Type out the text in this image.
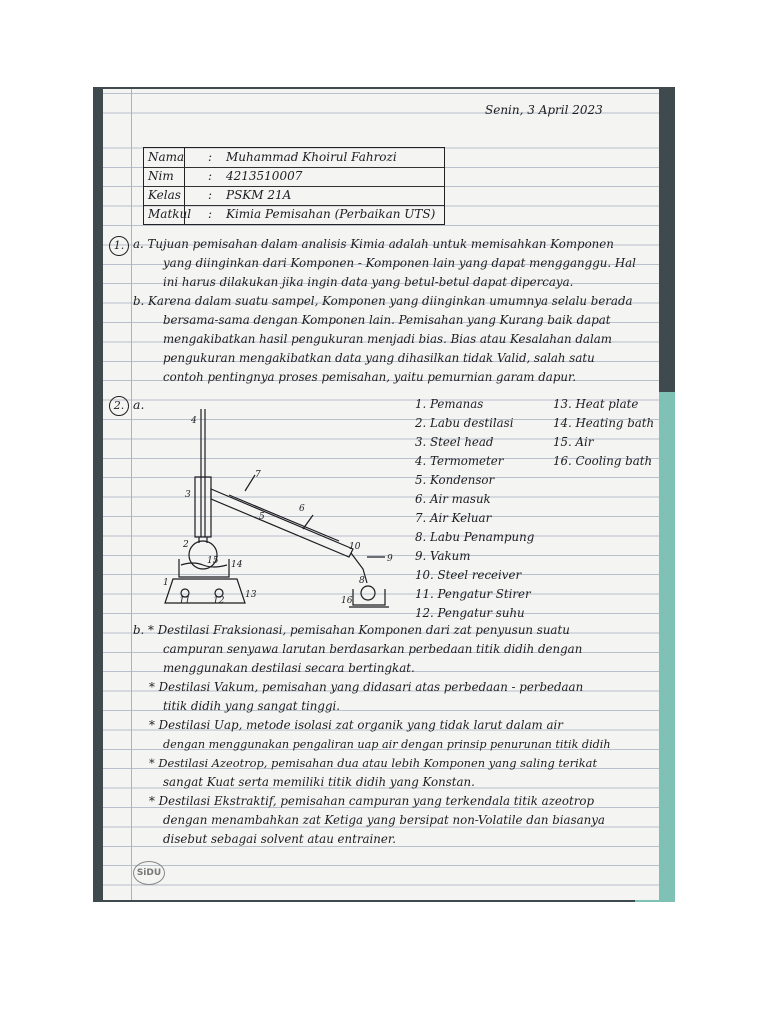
Senin, 3 April 2023
Nama : Muhammad Khoirul Fahrozi
Nim	: 4213510007
Kelas : PSKM 21A
Matkul : Kimia Pemisahan (Perbaikan UTS)
1. a. Tujuan pemisahan dalam analisis Kimia adalah untuk memisahkan Komponen
yang diinginkan dari Komponen - Komponen lain yang dapat mengganggu. Hal
ini harus dilakukan jika ingin data yang betul-betul dapat dipercaya.
b. Karena dalam suatu sampel, Komponen yang diinginkan umumnya selalu berada
bersama-sama dengan Komponen lain. Pemisahan yang Kurang baik dapat
mengakibatkan hasil pengukuran menjadi bias. Bias atau Kesalahan dalam
pengukuran mengakibatkan data yang dihasilkan tidak Valid, salah satu
contoh pentingnya proses pemisahan, yaitu pemurnian garam dapur.
2. a.
1
2
3
4
5
6
7
8
9
10
11	12
13
14
15
16
1. Pemanas
2. Labu destilasi
3. Steel head
4. Termometer
5. Kondensor
6. Air masuk
7. Air Keluar
8. Labu Penampung
9. Vakum
10. Steel receiver
11. Pengatur Stirer
12. Pengatur suhu
13. Heat plate
14. Heating bath
15. Air
16. Cooling bath
b. * Destilasi Fraksionasi, pemisahan Komponen dari zat penyusun suatu
campuran senyawa larutan berdasarkan perbedaan titik didih dengan
menggunakan destilasi secara bertingkat.
* Destilasi Vakum, pemisahan yang didasari atas perbedaan - perbedaan
titik didih yang sangat tinggi.
* Destilasi Uap, metode isolasi zat organik yang tidak larut dalam air
dengan menggunakan pengaliran uap air dengan prinsip penurunan titik didih
* Destilasi Azeotrop, pemisahan dua atau lebih Komponen yang saling terikat
sangat Kuat serta memiliki titik didih yang Konstan.
* Destilasi Ekstraktif, pemisahan campuran yang terkendala titik azeotrop
dengan menambahkan zat Ketiga yang bersipat non-Volatile dan biasanya
disebut sebagai solvent atau entrainer.
SiDU
